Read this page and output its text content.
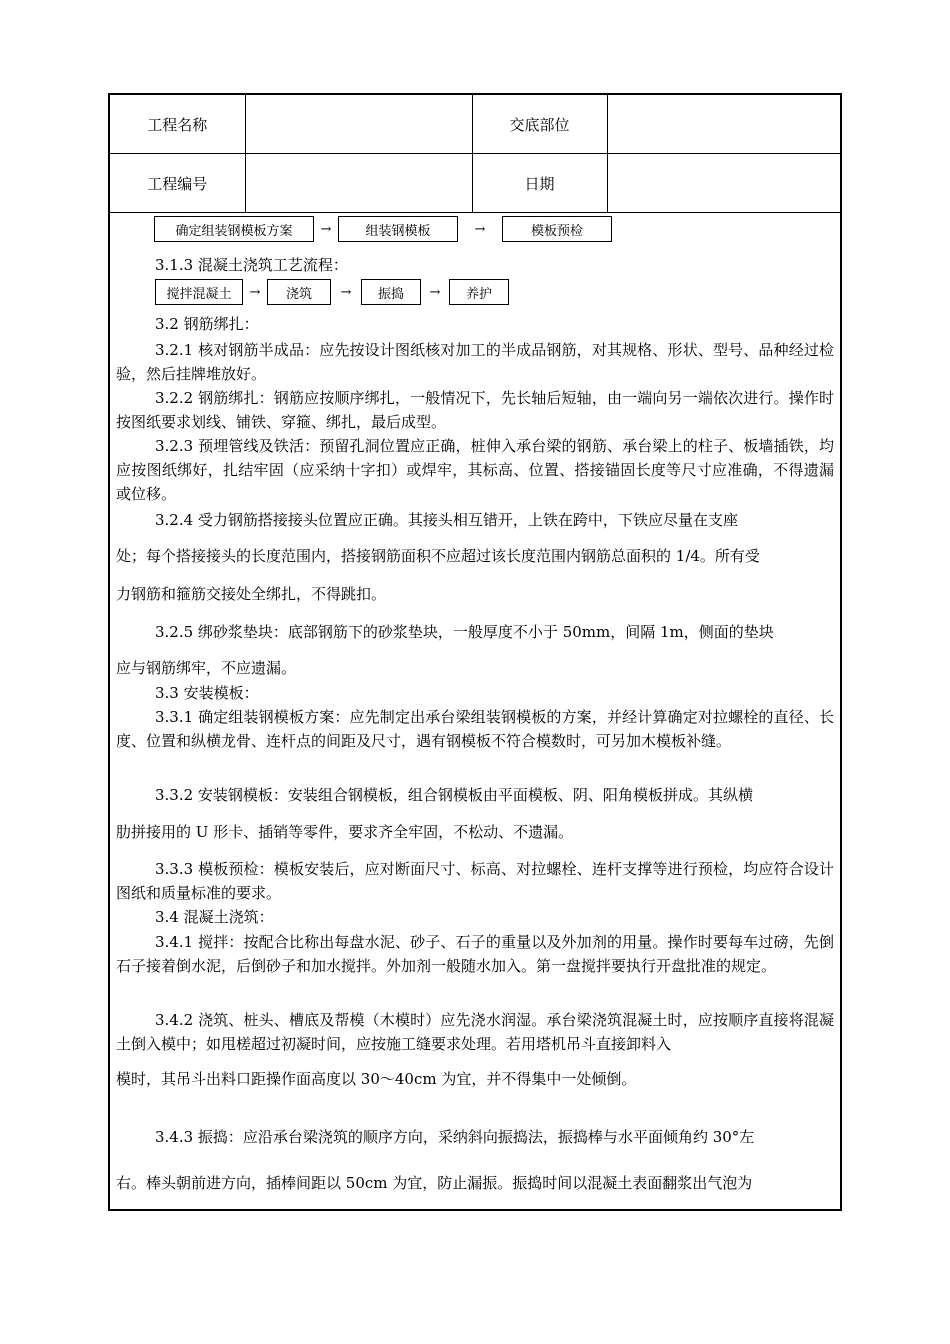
工程名称		交底部位	
工程编号		日期	
确定组装钢模板方案	→	组装钢模板	→	模板预检

3.1.3 混凝土浇筑工艺流程：

搅拌混凝土	→	浇筑	→	振捣	→	养护

3.2 钢筋绑扎：

3.2.1 核对钢筋半成品：应先按设计图纸核对加工的半成品钢筋，对其规格、形状、型号、品种经过检验，然后挂牌堆放好。

3.2.2 钢筋绑扎：钢筋应按顺序绑扎，一般情况下，先长轴后短轴，由一端向另一端依次进行。操作时按图纸要求划线、铺铁、穿箍、绑扎，最后成型。

3.2.3 预埋管线及铁活：预留孔洞位置应正确，桩伸入承台梁的钢筋、承台梁上的柱子、板墙插铁，均应按图纸绑好，扎结牢固（应采纳十字扣）或焊牢，其标高、位置、搭接锚固长度等尺寸应准确，不得遗漏或位移。

3.2.4 受力钢筋搭接接头位置应正确。其接头相互错开，上铁在跨中，下铁应尽量在支座

处；每个搭接接头的长度范围内，搭接钢筋面积不应超过该长度范围内钢筋总面积的 1/4。所有受

力钢筋和箍筋交接处全绑扎，不得跳扣。

3.2.5 绑砂浆垫块：底部钢筋下的砂浆垫块，一般厚度不小于 50mm，间隔 1m，侧面的垫块

应与钢筋绑牢，不应遗漏。

3.3 安装模板：

3.3.1 确定组装钢模板方案：应先制定出承台梁组装钢模板的方案，并经计算确定对拉螺栓的直径、长度、位置和纵横龙骨、连杆点的间距及尺寸，遇有钢模板不符合模数时，可另加木模板补缝。

3.3.2 安装钢模板：安装组合钢模板，组合钢模板由平面模板、阴、阳角模板拼成。其纵横

肋拼接用的 U 形卡、插销等零件，要求齐全牢固，不松动、不遗漏。

3.3.3 模板预检：模板安装后，应对断面尺寸、标高、对拉螺栓、连杆支撑等进行预检，均应符合设计图纸和质量标准的要求。

3.4 混凝土浇筑：

3.4.1 搅拌：按配合比称出每盘水泥、砂子、石子的重量以及外加剂的用量。操作时要每车过磅，先倒石子接着倒水泥，后倒砂子和加水搅拌。外加剂一般随水加入。第一盘搅拌要执行开盘批准的规定。

3.4.2 浇筑、桩头、槽底及帮模（木模时）应先浇水润湿。承台梁浇筑混凝土时，应按顺序直接将混凝土倒入模中；如甩槎超过初凝时间，应按施工缝要求处理。若用塔机吊斗直接卸料入

模时，其吊斗出料口距操作面高度以 30～40cm 为宜，并不得集中一处倾倒。

3.4.3 振捣：应沿承台梁浇筑的顺序方向，采纳斜向振捣法，振捣棒与水平面倾角约 30°左

右。棒头朝前进方向，插棒间距以 50cm 为宜，防止漏振。振捣时间以混凝土表面翻浆出气泡为
